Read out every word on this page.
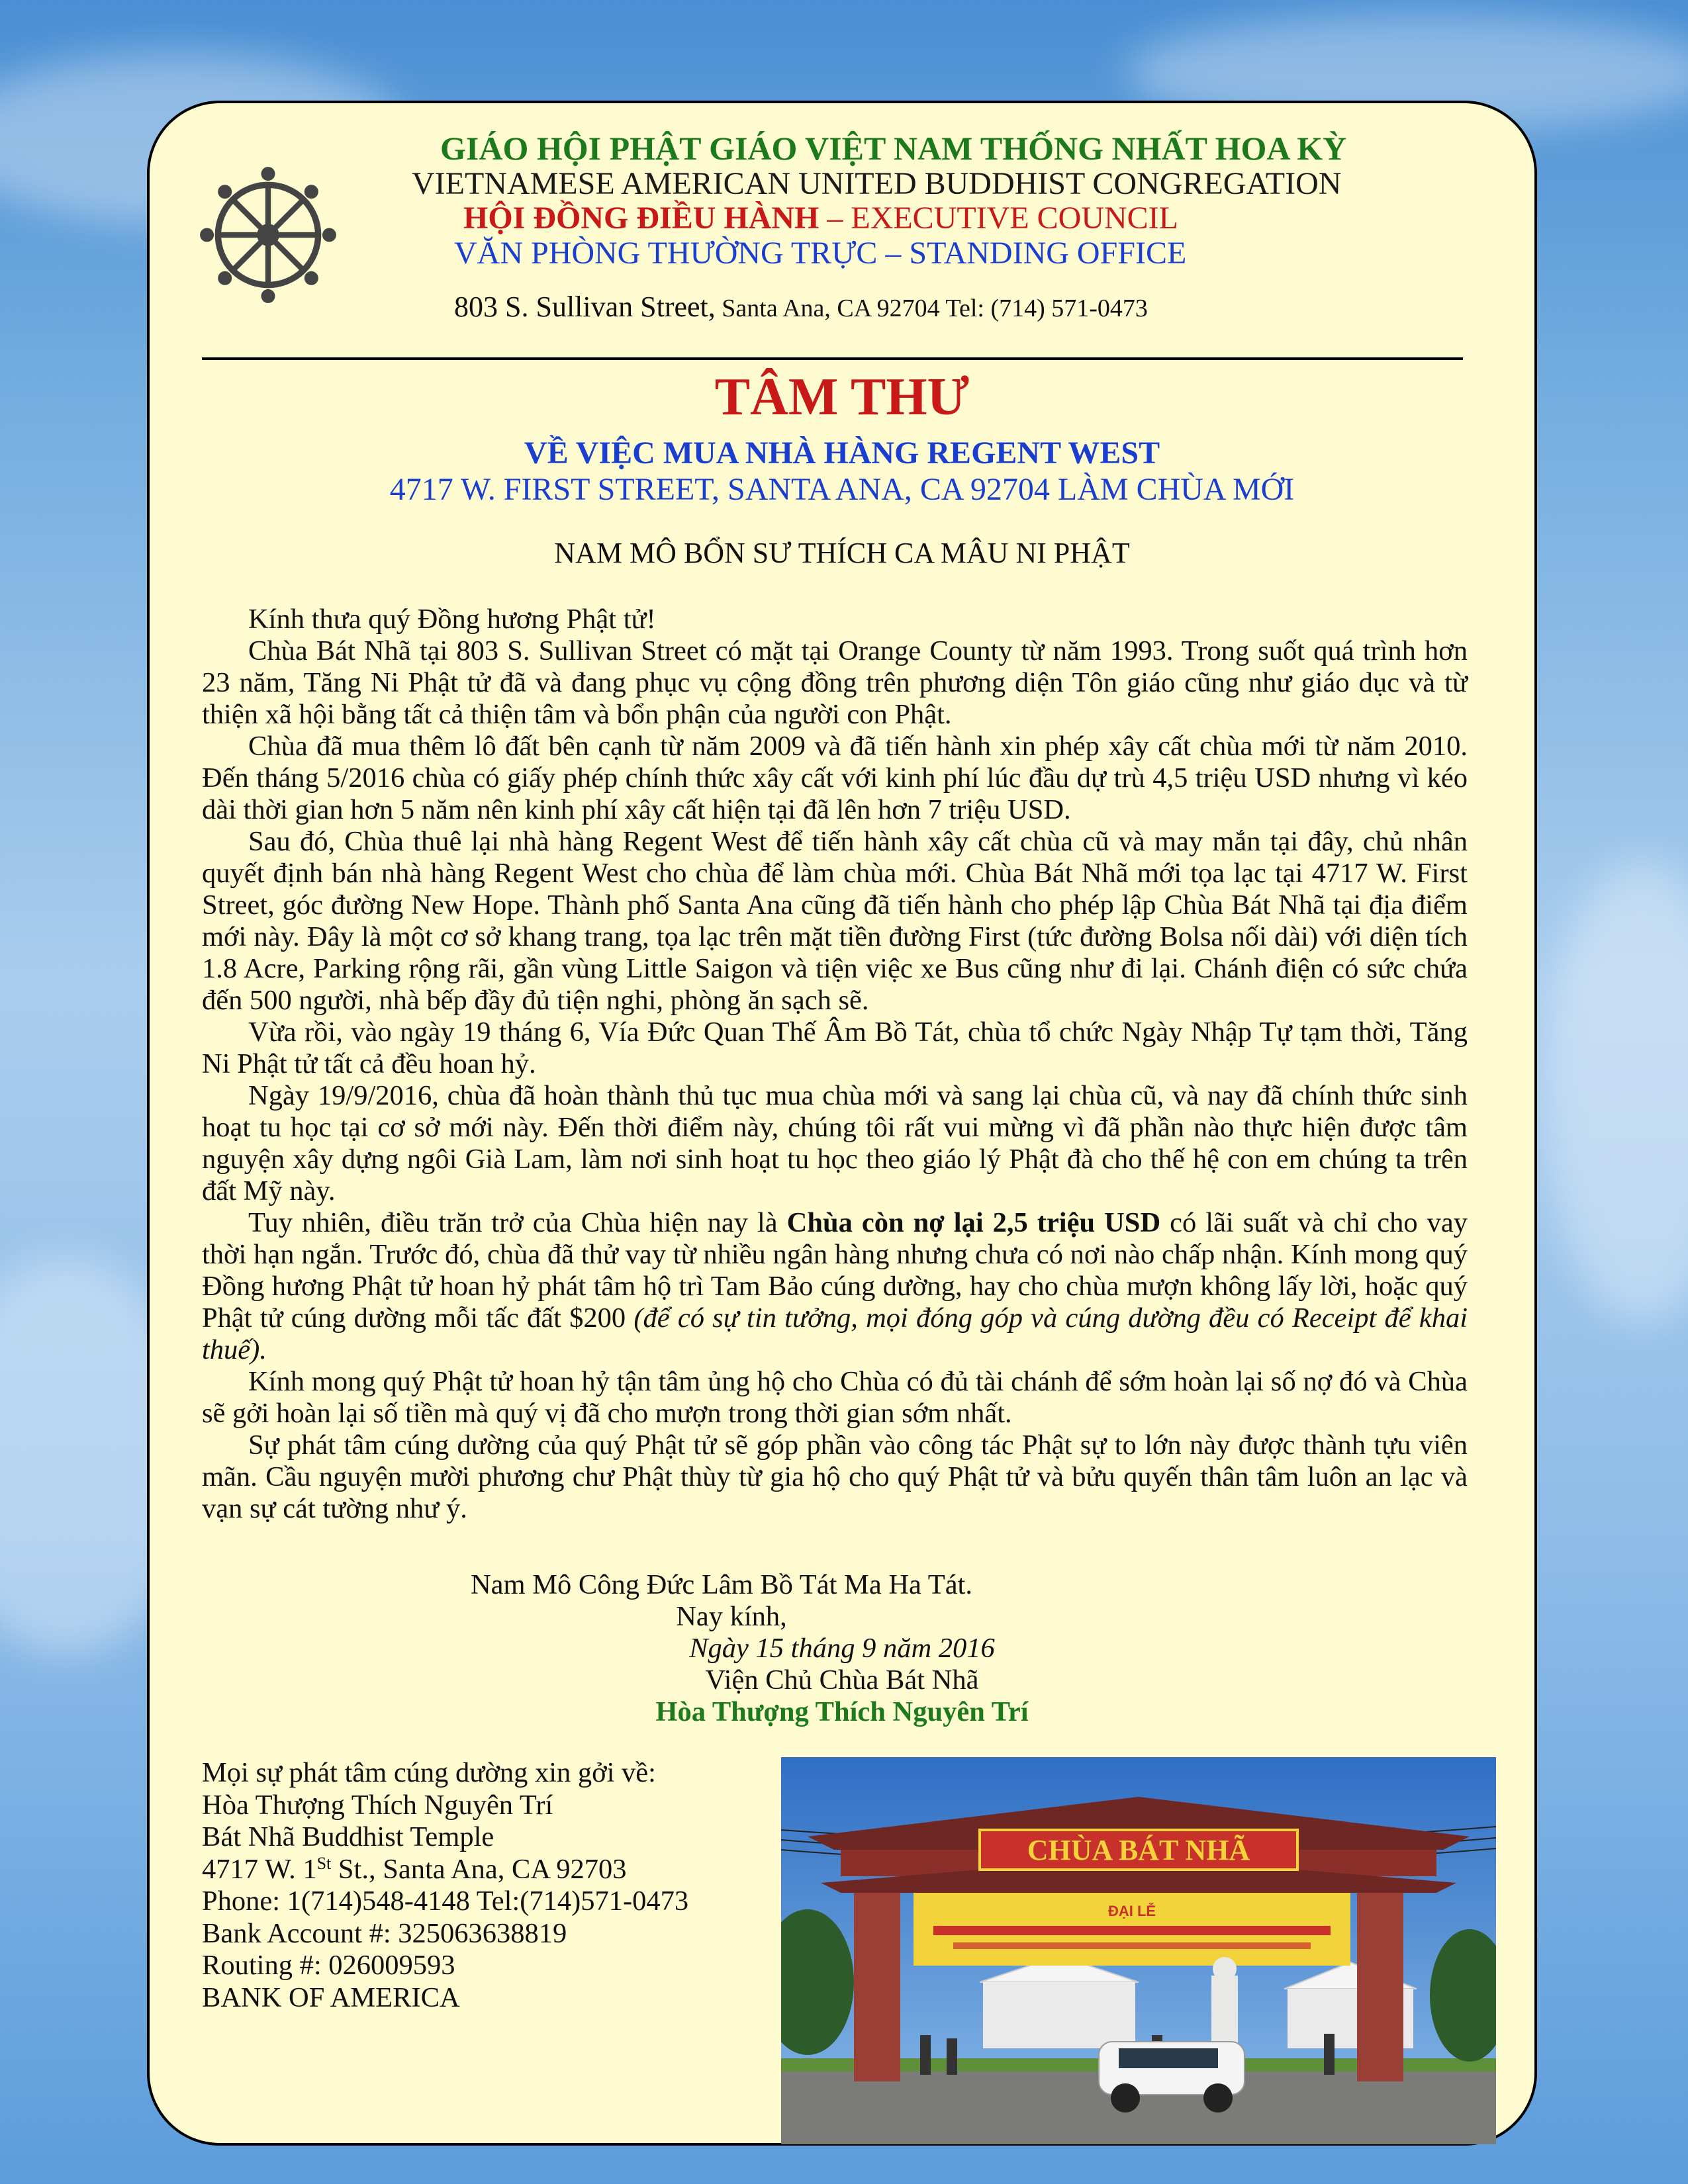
GIÁO HỘI PHẬT GIÁO VIỆT NAM THỐNG NHẤT HOA KỲ
VIETNAMESE AMERICAN UNITED BUDDHIST CONGREGATION
HỘI ĐỒNG ĐIỀU HÀNH – EXECUTIVE COUNCIL
VĂN PHÒNG THƯỜNG TRỰC – STANDING OFFICE
803 S. Sullivan Street, Santa Ana, CA 92704 Tel: (714) 571-0473
TÂM THƯ
VỀ VIỆC MUA NHÀ HÀNG REGENT WEST
4717 W. FIRST STREET, SANTA ANA, CA 92704 LÀM CHÙA MỚI
NAM MÔ BỔN SƯ THÍCH CA MÂU NI PHẬT

Kính thưa quý Đồng hương Phật tử!

Chùa Bát Nhã tại 803 S. Sullivan Street có mặt tại Orange County từ năm 1993. Trong suốt quá trình hơn 23 năm, Tăng Ni Phật tử đã và đang phục vụ cộng đồng trên phương diện Tôn giáo cũng như giáo dục và từ thiện xã hội bằng tất cả thiện tâm và bổn phận của người con Phật.

Chùa đã mua thêm lô đất bên cạnh từ năm 2009 và đã tiến hành xin phép xây cất chùa mới từ năm 2010. Đến tháng 5/2016 chùa có giấy phép chính thức xây cất với kinh phí lúc đầu dự trù 4,5 triệu USD nhưng vì kéo dài thời gian hơn 5 năm nên kinh phí xây cất hiện tại đã lên hơn 7 triệu USD.

Sau đó, Chùa thuê lại nhà hàng Regent West để tiến hành xây cất chùa cũ và may mắn tại đây, chủ nhân quyết định bán nhà hàng Regent West cho chùa để làm chùa mới. Chùa Bát Nhã mới tọa lạc tại 4717 W. First Street, góc đường New Hope. Thành phố Santa Ana cũng đã tiến hành cho phép lập Chùa Bát Nhã tại địa điểm mới này. Đây là một cơ sở khang trang, tọa lạc trên mặt tiền đường First (tức đường Bolsa nối dài) với diện tích 1.8 Acre, Parking rộng rãi, gần vùng Little Saigon và tiện việc xe Bus cũng như đi lại. Chánh điện có sức chứa đến 500 người, nhà bếp đầy đủ tiện nghi, phòng ăn sạch sẽ.

Vừa rồi, vào ngày 19 tháng 6, Vía Đức Quan Thế Âm Bồ Tát, chùa tổ chức Ngày Nhập Tự tạm thời, Tăng Ni Phật tử tất cả đều hoan hỷ.

Ngày 19/9/2016, chùa đã hoàn thành thủ tục mua chùa mới và sang lại chùa cũ, và nay đã chính thức sinh hoạt tu học tại cơ sở mới này. Đến thời điểm này, chúng tôi rất vui mừng vì đã phần nào thực hiện được tâm nguyện xây dựng ngôi Già Lam, làm nơi sinh hoạt tu học theo giáo lý Phật đà cho thế hệ con em chúng ta trên đất Mỹ này.

Tuy nhiên, điều trăn trở của Chùa hiện nay là Chùa còn nợ lại 2,5 triệu USD có lãi suất và chỉ cho vay thời hạn ngắn. Trước đó, chùa đã thử vay từ nhiều ngân hàng nhưng chưa có nơi nào chấp nhận. Kính mong quý Đồng hương Phật tử hoan hỷ phát tâm hộ trì Tam Bảo cúng dường, hay cho chùa mượn không lấy lời, hoặc quý Phật tử cúng dường mỗi tấc đất $200 (để có sự tin tưởng, mọi đóng góp và cúng dường đều có Receipt để khai thuế).

Kính mong quý Phật tử hoan hỷ tận tâm ủng hộ cho Chùa có đủ tài chánh để sớm hoàn lại số nợ đó và Chùa sẽ gởi hoàn lại số tiền mà quý vị đã cho mượn trong thời gian sớm nhất.

Sự phát tâm cúng dường của quý Phật tử sẽ góp phần vào công tác Phật sự to lớn này được thành tựu viên mãn. Cầu nguyện mười phương chư Phật thùy từ gia hộ cho quý Phật tử và bửu quyến thân tâm luôn an lạc và vạn sự cát tường như ý.

Nam Mô Công Đức Lâm Bồ Tát Ma Ha Tát.
Nay kính,
Ngày 15 tháng 9 năm 2016
Viện Chủ Chùa Bát Nhã
Hòa Thượng Thích Nguyên Trí
Mọi sự phát tâm cúng dường xin gởi về:
Hòa Thượng Thích Nguyên Trí
Bát Nhã Buddhist Temple
4717 W. 1St St., Santa Ana, CA 92703
Phone: 1(714)548-4148 Tel:(714)571-0473
Bank Account #: 325063638819
Routing #: 026009593
BANK OF AMERICA
CHÙA BÁT NHÃ
ĐẠI LỄ
